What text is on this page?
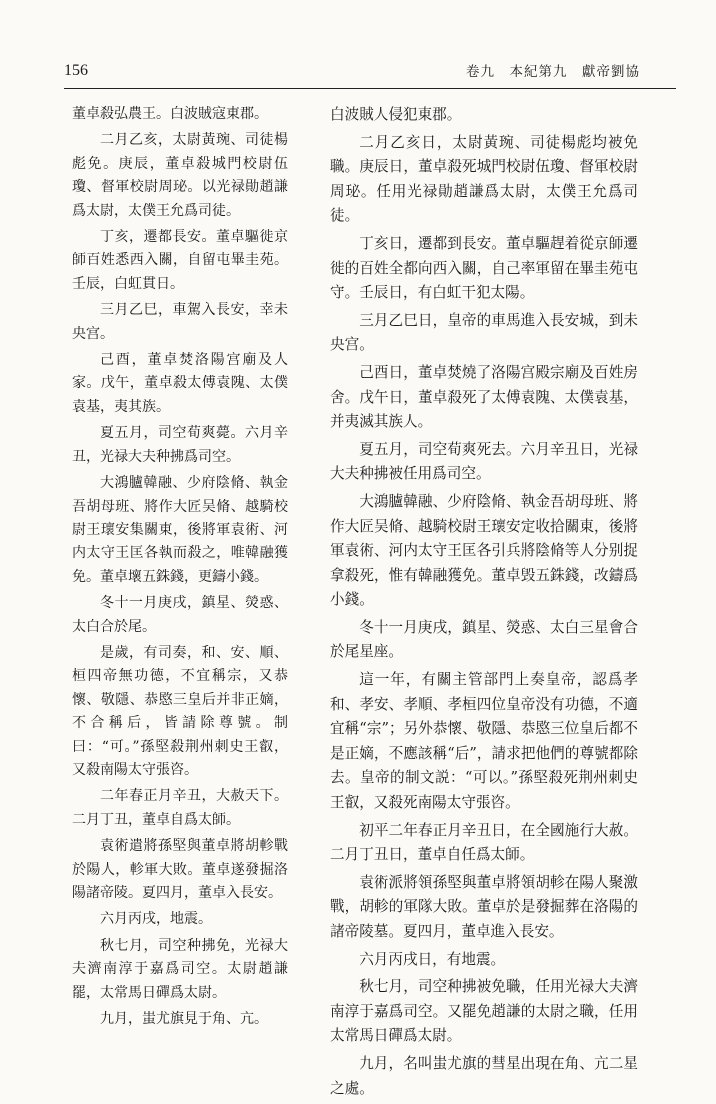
156	卷九　本紀第九　獻帝劉協

董卓殺弘農王。白波賊寇東郡。

二月乙亥，太尉黃琬、司徒楊彪免。庚辰，董卓殺城門校尉伍瓊、督軍校尉周珌。以光禄勛趙謙爲太尉，太僕王允爲司徒。

丁亥，遷都長安。董卓驅徙京師百姓悉西入關，自留屯畢圭苑。壬辰，白虹貫日。

三月乙巳，車駕入長安，幸未央宫。

己酉，董卓焚洛陽宫廟及人家。戊午，董卓殺太傅袁隗、太僕袁基，夷其族。

夏五月，司空荀爽薨。六月辛丑，光禄大夫种拂爲司空。

大鴻臚韓融、少府陰脩、執金吾胡母班、將作大匠吴脩、越騎校尉王瓌安集關東，後將軍袁術、河内太守王匡各執而殺之，唯韓融獲免。董卓壞五銖錢，更鑄小錢。

冬十一月庚戌，鎮星、熒惑、太白合於尾。

是歲，有司奏，和、安、順、桓四帝無功德，不宜稱宗，又恭懷、敬隱、恭愍三皇后并非正嫡，不合稱后，皆請除尊號。制曰：“可。”孫堅殺荆州刺史王叡，又殺南陽太守張咨。

二年春正月辛丑，大赦天下。二月丁丑，董卓自爲太師。

袁術遣將孫堅與董卓將胡軫戰於陽人，軫軍大敗。董卓遂發掘洛陽諸帝陵。夏四月，董卓入長安。

六月丙戌，地震。

秋七月，司空种拂免，光禄大夫濟南淳于嘉爲司空。太尉趙謙罷，太常馬日磾爲太尉。

九月，蚩尤旗見于角、亢。

白波賊人侵犯東郡。

二月乙亥日，太尉黃琬、司徒楊彪均被免職。庚辰日，董卓殺死城門校尉伍瓊、督軍校尉周珌。任用光禄勛趙謙爲太尉，太僕王允爲司徒。

丁亥日，遷都到長安。董卓驅趕着從京師遷徙的百姓全都向西入關，自己率軍留在畢圭苑屯守。壬辰日，有白虹干犯太陽。

三月乙巳日，皇帝的車馬進入長安城，到未央宫。

己酉日，董卓焚燒了洛陽宫殿宗廟及百姓房舍。戊午日，董卓殺死了太傅袁隗、太僕袁基，并夷滅其族人。

夏五月，司空荀爽死去。六月辛丑日，光禄大夫种拂被任用爲司空。

大鴻臚韓融、少府陰脩、執金吾胡母班、將作大匠吴脩、越騎校尉王瓌安定收拾關東，後將軍袁術、河内太守王匡各引兵將陰脩等人分别捉拿殺死，惟有韓融獲免。董卓毁五銖錢，改鑄爲小錢。

冬十一月庚戌，鎮星、熒惑、太白三星會合於尾星座。

這一年，有關主管部門上奏皇帝，認爲孝和、孝安、孝順、孝桓四位皇帝没有功德，不適宜稱“宗”；另外恭懷、敬隱、恭愍三位皇后都不是正嫡，不應該稱“后”，請求把他們的尊號都除去。皇帝的制文説：“可以。”孫堅殺死荆州刺史王叡，又殺死南陽太守張咨。

初平二年春正月辛丑日，在全國施行大赦。二月丁丑日，董卓自任爲太師。

袁術派將領孫堅與董卓將領胡軫在陽人聚激戰，胡軫的軍隊大敗。董卓於是發掘葬在洛陽的諸帝陵墓。夏四月，董卓進入長安。

六月丙戌日，有地震。

秋七月，司空种拂被免職，任用光禄大夫濟南淳于嘉爲司空。又罷免趙謙的太尉之職，任用太常馬日磾爲太尉。

九月，名叫蚩尤旗的彗星出現在角、亢二星之處。
